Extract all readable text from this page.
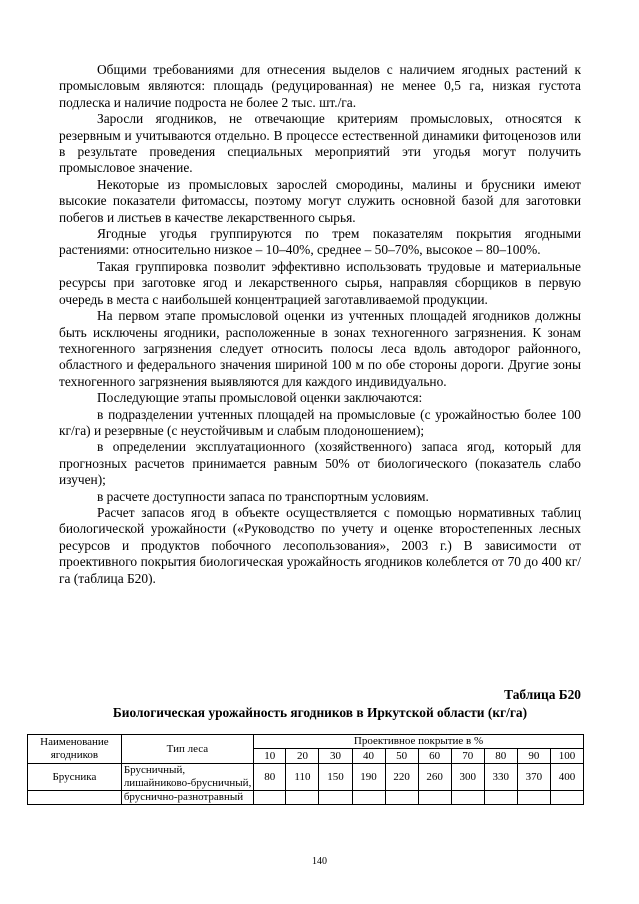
Общими требованиями для отнесения выделов с наличием ягодных растений к промысловым являются: площадь (редуцированная) не менее 0,5 га, низкая густота подлеска и наличие подроста не более 2 тыс. шт./га.

Заросли ягодников, не отвечающие критериям промысловых, относятся к резервным и учитываются отдельно. В процессе естественной динамики фитоценозов или в результате проведения специальных мероприятий эти угодья могут получить промысловое значение.

Некоторые из промысловых зарослей смородины, малины и брусники имеют высокие показатели фитомассы, поэтому могут служить основной базой для заготовки побегов и листьев в качестве лекарственного сырья.

Ягодные угодья группируются по трем показателям покрытия ягодными растениями: относительно низкое – 10–40%, среднее – 50–70%, высокое – 80–100%.

Такая группировка позволит эффективно использовать трудовые и материальные ресурсы при заготовке ягод и лекарственного сырья, направляя сборщиков в первую очередь в места с наибольшей концентрацией заготавливаемой продукции.

На первом этапе промысловой оценки из учтенных площадей ягодников должны быть исключены ягодники, расположенные в зонах техногенного загрязнения. К зонам техногенного загрязнения следует относить полосы леса вдоль автодорог районного, областного и федерального значения шириной 100 м по обе стороны дороги. Другие зоны техногенного загрязнения выявляются для каждого индивидуально.

Последующие этапы промысловой оценки заключаются:

в подразделении учтенных площадей на промысловые (с урожайностью более 100 кг/га) и резервные (с неустойчивым и слабым плодоношением);

в определении эксплуатационного (хозяйственного) запаса ягод, который для прогнозных расчетов принимается равным 50% от биологического (показатель слабо изучен);

в расчете доступности запаса по транспортным условиям.

Расчет запасов ягод в объекте осуществляется с помощью нормативных таблиц биологической урожайности («Руководство по учету и оценке второстепенных лесных ресурсов и продуктов побочного лесопользования», 2003 г.) В зависимости от проективного покрытия биологическая урожайность ягодников колеблется от 70 до 400 кг/га (таблица Б20).

Таблица Б20
Биологическая урожайность ягодников в Иркутской области (кг/га)
Наименование ягодников	Тип леса	Проективное покрытие в %									
		10	20	30	40	50	60	70	80	90	100
Брусника	Брусничный, лишайниково-брусничный,	80	110	150	190	220	260	300	330	370	400
	бруснично-разнотравный										
140
